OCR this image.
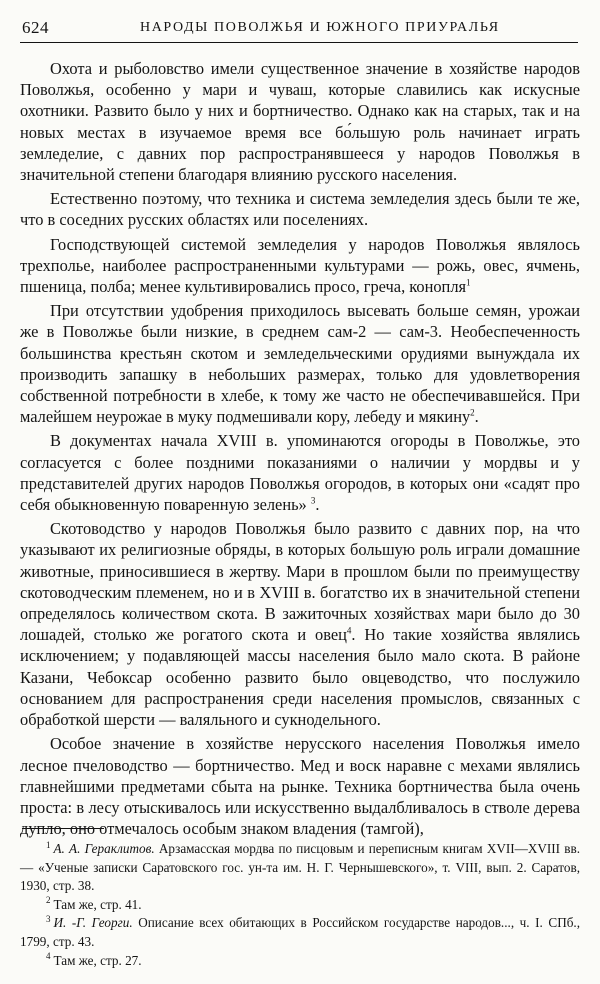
624	НАРОДЫ ПОВОЛЖЬЯ И ЮЖНОГО ПРИУРАЛЬЯ

Охота и рыболовство имели существенное значение в хозяйстве народов Поволжья, особенно у мари и чуваш, которые славились как искусные охотники. Развито было у них и бортничество. Однако как на старых, так и на новых местах в изучаемое время все бо́льшую роль начинает играть земледелие, с давних пор распространявшееся у народов Поволжья в значительной степени благодаря влиянию русского населения.

Естественно поэтому, что техника и система земледелия здесь были те же, что в соседних русских областях или поселениях.

Господствующей системой земледелия у народов Поволжья являлось трехполье, наиболее распространенными культурами — рожь, овес, ячмень, пшеница, полба; менее культивировались просо, греча, конопля$^1$

При отсутствии удобрения приходилось высевать больше семян, урожаи же в Поволжье были низкие, в среднем сам-2 — сам-3. Необеспеченность большинства крестьян скотом и земледельческими орудиями вынуждала их производить запашку в небольших размерах, только для удовлетворения собственной потребности в хлебе, к тому же часто не обеспечивавшейся. При малейшем неурожае в муку подмешивали кору, лебеду и мякину$^2$.

В документах начала XVIII в. упоминаются огороды в Поволжье, это согласуется с более поздними показаниями о наличии у мордвы и у представителей других народов Поволжья огородов, в которых они «садят про себя обыкновенную поваренную зелень» $^3$.

Скотоводство у народов Поволжья было развито с давних пор, на что указывают их религиозные обряды, в которых большую роль играли домашние животные, приносившиеся в жертву. Мари в прошлом были по преимуществу скотоводческим племенем, но и в XVIII в. богатство их в значительной степени определялось количеством скота. В зажиточных хозяйствах мари было до 30 лошадей, столько же рогатого скота и овец$^4$. Но такие хозяйства являлись исключением; у подавляющей массы населения было мало скота. В районе Казани, Чебоксар особенно развито было овцеводство, что послужило основанием для распространения среди населения промыслов, связанных с обработкой шерсти — валяльного и сукнодельного.

Особое значение в хозяйстве нерусского населения Поволжья имело лесное пчеловодство — бортничество. Мед и воск наравне с мехами являлись главнейшими предметами сбыта на рынке. Техника бортничества была очень проста: в лесу отыскивалось или искусственно выдалбливалось в стволе дерева дупло, оно отмечалось особым знаком владения (тамгой),

$^1$ А. А. Гераклитов. Арзамасская мордва по писцовым и переписным книгам XVII—XVIII вв.— «Ученые записки Саратовского гос. ун-та им. Н. Г. Чернышевского», т. VIII, вып. 2. Саратов, 1930, стр. 38.

$^2$ Там же, стр. 41.

$^3$ И. -Г. Георги. Описание всех обитающих в Российском государстве народов..., ч. I. СПб., 1799, стр. 43.

$^4$ Там же, стр. 27.
